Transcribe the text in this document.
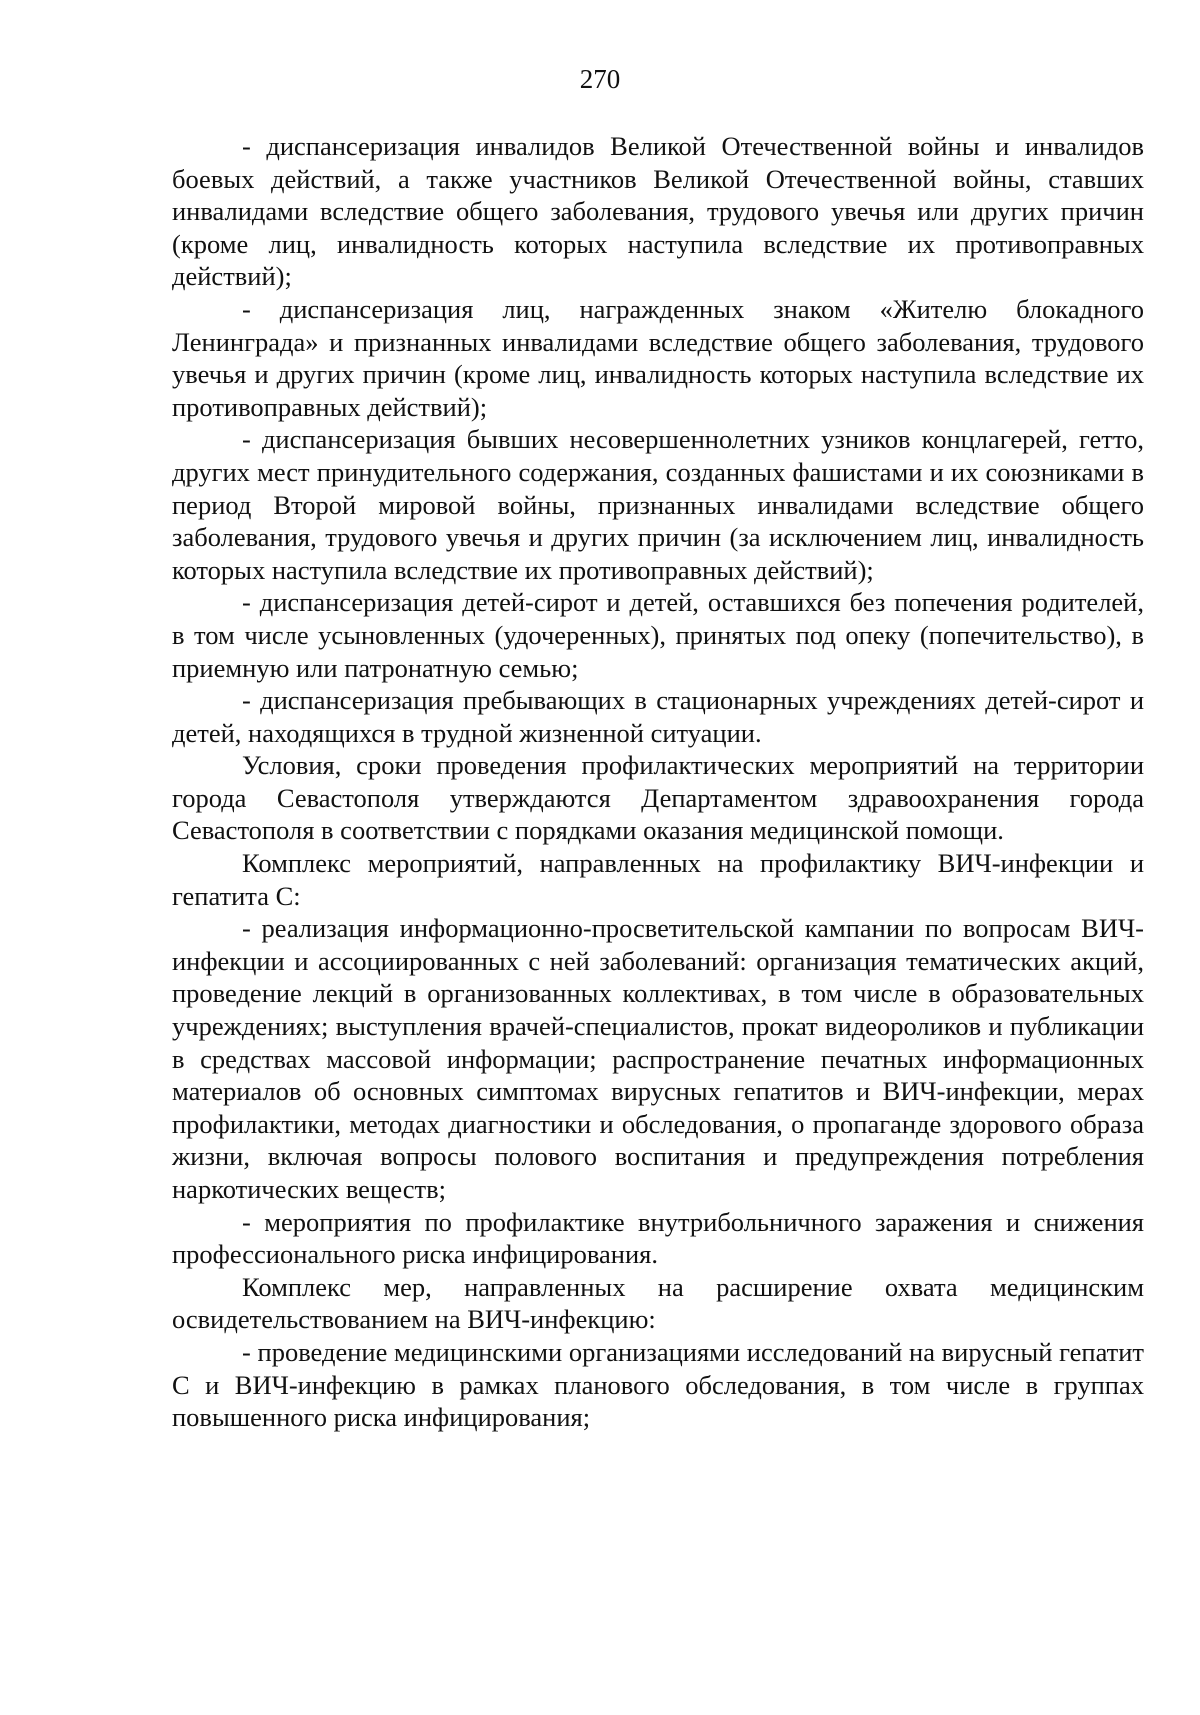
270

- диспансеризация инвалидов Великой Отечественной войны и инвалидов боевых действий, а также участников Великой Отечественной войны, ставших инвалидами вследствие общего заболевания, трудового увечья или других причин (кроме лиц, инвалидность которых наступила вследствие их противоправных действий);

- диспансеризация лиц, награжденных знаком «Жителю блокадного Ленинграда» и признанных инвалидами вследствие общего заболевания, трудового увечья и других причин (кроме лиц, инвалидность которых наступила вследствие их противоправных действий);

- диспансеризация бывших несовершеннолетних узников концлагерей, гетто, других мест принудительного содержания, созданных фашистами и их союзниками в период Второй мировой войны, признанных инвалидами вследствие общего заболевания, трудового увечья и других причин (за исключением лиц, инвалидность которых наступила вследствие их противоправных действий);

- диспансеризация детей-сирот и детей, оставшихся без попечения родителей, в том числе усыновленных (удочеренных), принятых под опеку (попечительство), в приемную или патронатную семью;

- диспансеризация пребывающих в стационарных учреждениях детей-сирот и детей, находящихся в трудной жизненной ситуации.

Условия, сроки проведения профилактических мероприятий на территории города Севастополя утверждаются Департаментом здравоохранения города Севастополя в соответствии с порядками оказания медицинской помощи.

Комплекс мероприятий, направленных на профилактику ВИЧ-инфекции и гепатита С:

- реализация информационно-просветительской кампании по вопросам ВИЧ-инфекции и ассоциированных с ней заболеваний: организация тематических акций, проведение лекций в организованных коллективах, в том числе в образовательных учреждениях; выступления врачей-специалистов, прокат видеороликов и публикации в средствах массовой информации; распространение печатных информационных материалов об основных симптомах вирусных гепатитов и ВИЧ-инфекции, мерах профилактики, методах диагностики и обследования, о пропаганде здорового образа жизни, включая вопросы полового воспитания и предупреждения потребления наркотических веществ;

- мероприятия по профилактике внутрибольничного заражения и снижения профессионального риска инфицирования.

Комплекс мер, направленных на расширение охвата медицинским освидетельствованием на ВИЧ-инфекцию:

- проведение медицинскими организациями исследований на вирусный гепатит С и ВИЧ-инфекцию в рамках планового обследования, в том числе в группах повышенного риска инфицирования;
